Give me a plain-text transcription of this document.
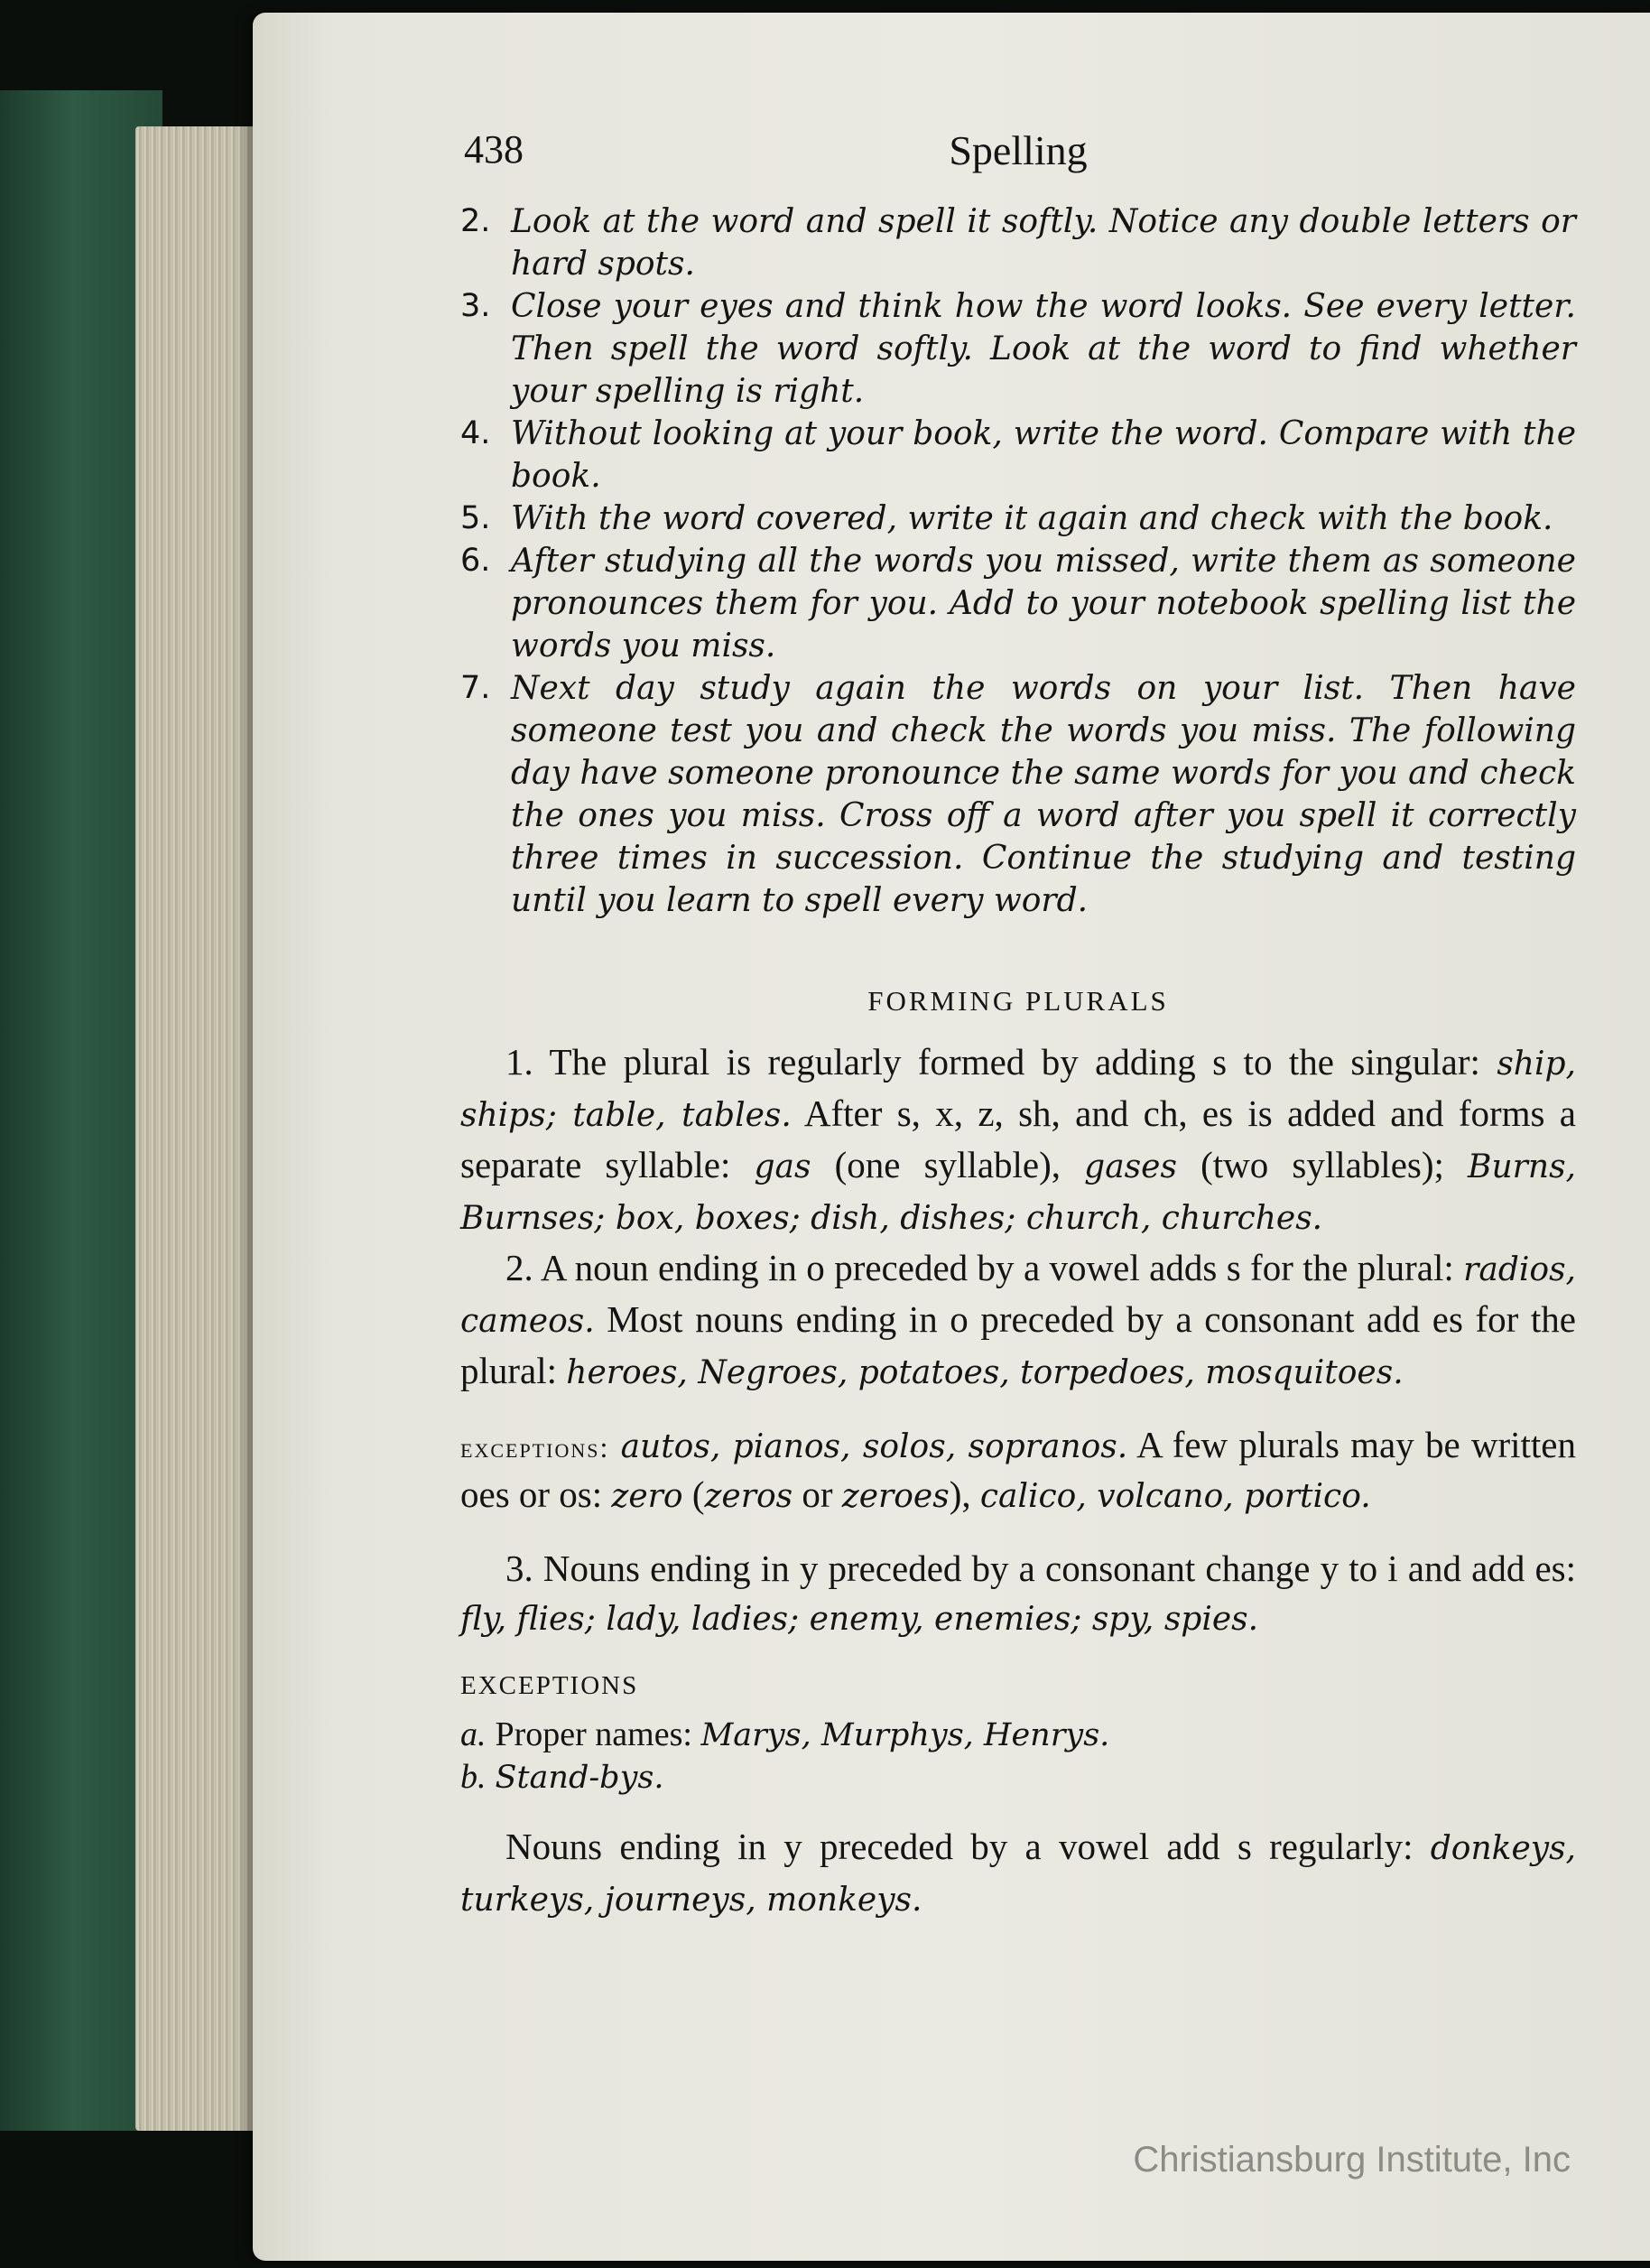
438	Spelling
2. Look at the word and spell it softly. Notice any double letters or hard spots.
3. Close your eyes and think how the word looks. See every letter. Then spell the word softly. Look at the word to find whether your spelling is right.
4. Without looking at your book, write the word. Compare with the book.
5. With the word covered, write it again and check with the book.
6. After studying all the words you missed, write them as someone pronounces them for you. Add to your notebook spelling list the words you miss.
7. Next day study again the words on your list. Then have someone test you and check the words you miss. The following day have someone pronounce the same words for you and check the ones you miss. Cross off a word after you spell it correctly three times in succession. Continue the studying and testing until you learn to spell every word.
FORMING PLURALS

1. The plural is regularly formed by adding s to the singular: ship, ships; table, tables. After s, x, z, sh, and ch, es is added and forms a separate syllable: gas (one syllable), gases (two syllables); Burns, Burnses; box, boxes; dish, dishes; church, churches.

2. A noun ending in o preceded by a vowel adds s for the plural: radios, cameos. Most nouns ending in o preceded by a consonant add es for the plural: heroes, Negroes, potatoes, torpedoes, mosquitoes.

exceptions: autos, pianos, solos, sopranos. A few plurals may be written oes or os: zero (zeros or zeroes), calico, volcano, portico.

3. Nouns ending in y preceded by a consonant change y to i and add es: fly, flies; lady, ladies; enemy, enemies; spy, spies.

EXCEPTIONS
a. Proper names: Marys, Murphys, Henrys.
b. Stand-bys.

Nouns ending in y preceded by a vowel add s regularly: donkeys, turkeys, journeys, monkeys.

Christiansburg Institute, Inc
